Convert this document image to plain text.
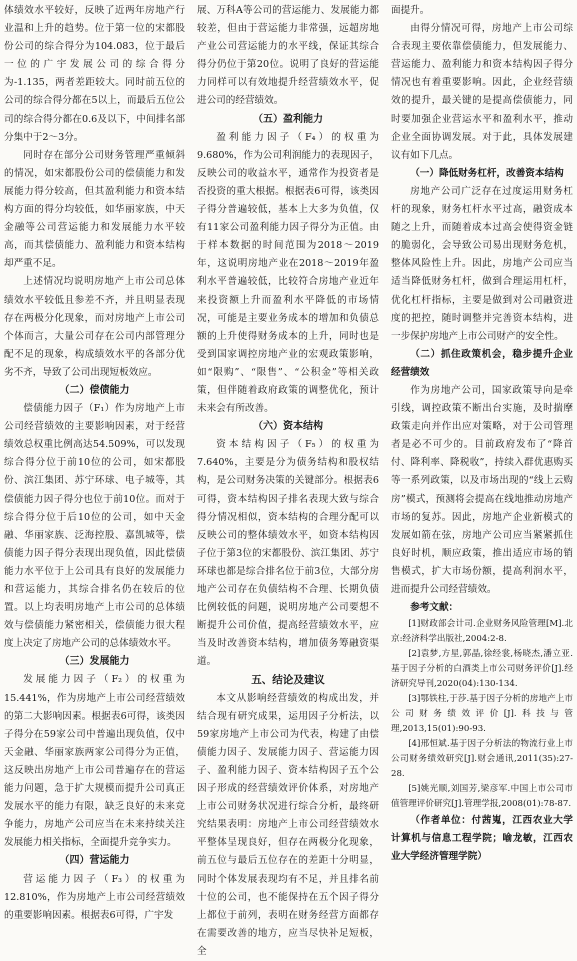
体绩效水平较好，反映了近两年房地产行业温和上升的趋势。位于第一位的宋都股份公司的综合得分为104.083，位于最后一位的广宇发展公司的综合得分为-1.135，两者差距较大。同时前五位的公司的综合得分都在5以上，而最后五位公司的综合得分都在0.6及以下，中间排名部分集中于2～3分。

同时存在部分公司财务管理严重倾斜的情况，如宋都股份公司的偿债能力和发展能力得分较高，但其盈利能力和资本结构方面的得分均较低，如华丽家族，中天金融等公司营运能力和发展能力水平较高，而其偿债能力、盈利能力和资本结构却严重不足。

上述情况均说明房地产上市公司总体绩效水平较低且参差不齐，并且明显表现存在两极分化现象，而对房地产上市公司个体而言，大量公司存在公司内部管理分配不足的现象，构成绩效水平的各部分优劣不齐，导致了公司出现短板效应。

（二）偿债能力

偿债能力因子（F₁）作为房地产上市公司经营绩效的主要影响因素，对于经营绩效总权重比例高达54.509%，可以发现综合得分位于前10位的公司，如宋都股份、滨江集团、苏宁环球、电子城等，其偿债能力因子得分也位于前10位。而对于综合得分位于后10位的公司，如中天金融、华丽家族、泛海控股、嘉凯城等，偿债能力因子得分表现出现负值，因此偿债能力水平位于上公司具有良好的发展能力和营运能力，其综合排名仍在较后的位置。以上均表明房地产上市公司的总体绩效与偿债能力紧密相关，偿债能力很大程度上决定了房地产公司的总体绩效水平。

（三）发展能力

发展能力因子（F₂）的权重为15.441%，作为房地产上市公司经营绩效的第二大影响因素。根据表6可得，该类因子得分在59家公司中普遍出现负值，仅中天金融、华丽家族两家公司得分为正值，这反映出房地产上市公司普遍存在的营运能力问题，急于扩大规模而提升公司真正发展水平的能力有限，缺乏良好的未来竞争能力，房地产公司应当在未来持续关注发展能力相关指标，全面提升竞争实力。

（四）营运能力

营运能力因子（F₃）的权重为12.810%，作为房地产上市公司经营绩效的重要影响因素。根据表6可得，广宇发

展、万科A等公司的营运能力、发展能力都较差，但由于营运能力非常强，远超房地产业公司营运能力的水平线，保证其综合得分仍位于第20位。说明了良好的营运能力同样可以有效地提升经营绩效水平，促进公司的经营绩效。

（五）盈利能力

盈利能力因子（F₄）的权重为9.680%，作为公司利润能力的表现因子，反映公司的收益水平，通常作为投资者是否投资的重大根据。根据表6可得，该类因子得分普遍较低，基本上大多为负值，仅有11家公司盈利能力因子得分为正值。由于样本数据的时间范围为2018～2019年，这说明房地产业在2018～2019年盈利水平普遍较低，比较符合房地产业近年来投资额上升而盈利水平降低的市场情况，可能是主要业务成本的增加和负债总额的上升使得财务成本的上升，同时也是受到国家调控房地产业的宏观政策影响，如“限购”、“限售”、“公积金”等相关政策，但伴随着政府政策的调整优化，预计未来会有所改善。

（六）资本结构

资本结构因子（F₅）的权重为7.640%，主要是分为债务结构和股权结构，是公司财务决策的关键部分。根据表6可得，资本结构因子排名表现大致与综合得分情况相似，资本结构的合理分配可以反映公司的整体绩效水平，如资本结构因子位于第3位的宋都股份、滨江集团、苏宁环球也都是综合排名位于前3位，大部分房地产公司存在负债结构不合理、长期负债比例较低的问题，说明房地产公司要想不断提升公司价值，提高经营绩效水平，应当及时改善资本结构，增加债务筹融资渠道。

五、结论及建议

本文从影响经营绩效的构成出发，并结合现有研究成果，运用因子分析法，以59家房地产上市公司为代表，构建了由偿债能力因子、发展能力因子、营运能力因子、盈利能力因子、资本结构因子五个公因子形成的经营绩效评价体系，对房地产上市公司财务状况进行综合分析，最终研究结果表明：房地产上市公司经营绩效水平整体呈现良好，但存在两极分化现象，前五位与最后五位存在的差距十分明显，同时个体发展表现均有不足，并且排名前十位的公司，也不能保持在五个因子得分上都位于前列，表明在财务经营方面都存在需要改善的地方，应当尽快补足短板，全

面提升。

由得分情况可得，房地产上市公司综合表现主要依靠偿债能力，但发展能力、营运能力、盈利能力和资本结构因子得分情况也有着重要影响。因此，企业经营绩效的提升，最关键的是提高偿债能力，同时要加强企业营运水平和盈利水平，推动企业全面协调发展。对于此，具体发展建议有如下几点。

（一）降低财务杠杆，改善资本结构

房地产公司广泛存在过度运用财务杠杆的现象，财务杠杆水平过高，融资成本随之上升，而随着成本过高会使得资金链的脆弱化，会导致公司易出现财务危机，整体风险性上升。因此，房地产公司应当适当降低财务杠杆，做到合理运用杠杆，优化杠杆指标，主要是做到对公司融资进度的把控，随时调整并完善资本结构，进一步保护房地产上市公司财产的安全性。

（二）抓住政策机会，稳步提升企业经营绩效

作为房地产公司，国家政策导向是牵引线，调控政策不断出台实施，及时揣摩政策走向并作出应对策略，对于公司管理者是必不可少的。目前政府发布了“降首付、降利率、降税收”，持续入群优惠购买等一系列政策，以及市场出现的“线上云购房”模式，预测将会提高在线地推动房地产市场的复苏。因此，房地产企业新模式的发展如箭在弦，房地产公司应当紧紧抓住良好时机，顺应政策，推出适应市场的销售模式，扩大市场份额，提高利润水平，进而提升公司经营绩效。

参考文献：

[1]财政部会计司.企业财务风险管理[M].北京:经济科学出版社,2004:2-8.

[2]袁梦,方星,郭晶,徐经裳,杨晓杰,潘立亚.基于因子分析的白酒类上市公司财务评价[J].经济研究导刊,2020(04):130-134.

[3]鄂铁柱,于莎.基于因子分析的房地产上市公司财务绩效评价[J].科技与管理,2013,15(01):90-93.

[4]邢恒斌.基于因子分析法的物流行业上市公司财务绩效研究[J].财会通讯,2011(35):27-28.

[5]姚光顺,刘国芳,梁彦军.中国上市公司市值管理评价研究[J].管理学报,2008(01):78-87.

（作者单位：付茜嵬，江西农业大学计算机与信息工程学院；喻龙敏，江西农业大学经济管理学院）
